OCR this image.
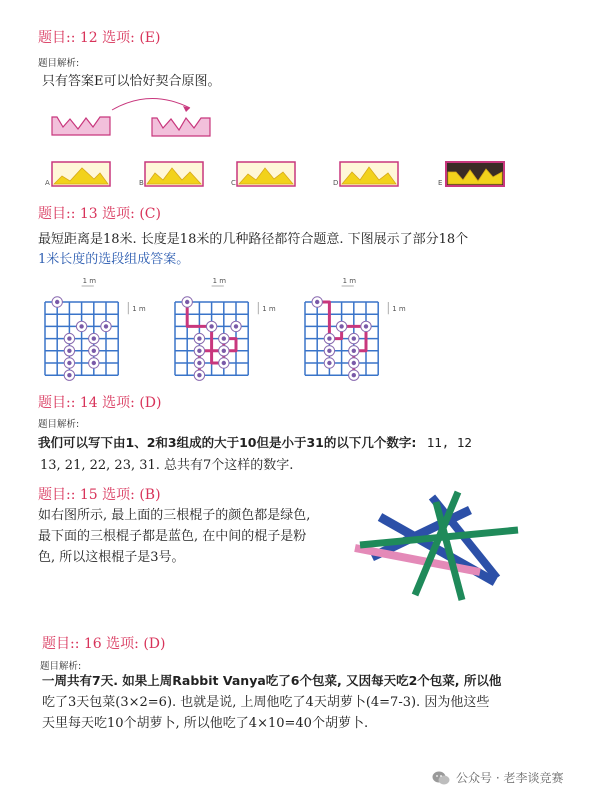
题目:: 12 选项: (E)
题目解析:
只有答案E可以恰好契合原图。
A	B	C	D	E
题目:: 13 选项: (C)
最短距离是18米. 长度是18米的几种路径都符合题意. 下图展示了部分18个
1米长度的选段组成答案。
1 m
1 m
1 m
1 m
1 m
1 m
题目:: 14 选项: (D)
题目解析:
我们可以写下由1、2和3组成的大于10但是小于31的以下几个数字: 11, 12
13, 21, 22, 23, 31. 总共有7个这样的数字.
题目:: 15 选项: (B)
如右图所示, 最上面的三根棍子的颜色都是绿色,
最下面的三根棍子都是蓝色, 在中间的棍子是粉
色, 所以这根棍子是3号。
题目:: 16 选项: (D)
题目解析:
一周共有7天. 如果上周Rabbit Vanya吃了6个包菜, 又因每天吃2个包菜, 所以他
吃了3天包菜(3×2=6). 也就是说, 上周他吃了4天胡萝卜(4=7-3). 因为他这些
天里每天吃10个胡萝卜, 所以他吃了4×10=40个胡萝卜.
公众号 · 老李谈竞赛
